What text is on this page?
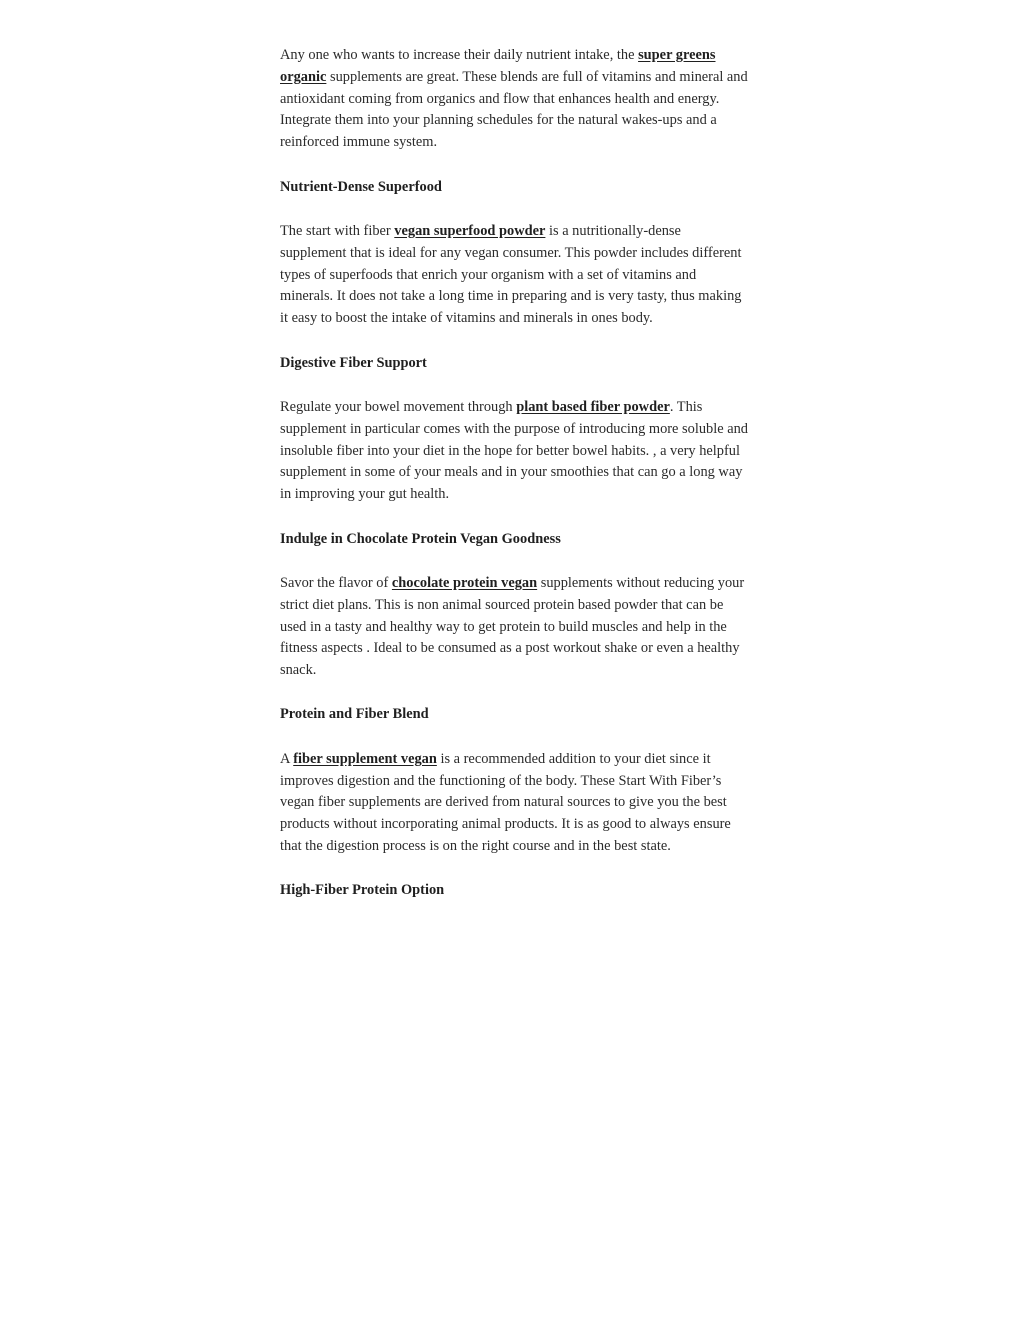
Any one who wants to increase their daily nutrient intake, the super greens organic supplements are great. These blends are full of vitamins and mineral and antioxidant coming from organics and flow that enhances health and energy. Integrate them into your planning schedules for the natural wakes-ups and a reinforced immune system.

Nutrient-Dense Superfood

The start with fiber vegan superfood powder is a nutritionally-dense supplement that is ideal for any vegan consumer. This powder includes different types of superfoods that enrich your organism with a set of vitamins and minerals. It does not take a long time in preparing and is very tasty, thus making it easy to boost the intake of vitamins and minerals in ones body.

Digestive Fiber Support

Regulate your bowel movement through plant based fiber powder. This supplement in particular comes with the purpose of introducing more soluble and insoluble fiber into your diet in the hope for better bowel habits. , a very helpful supplement in some of your meals and in your smoothies that can go a long way in improving your gut health.

Indulge in Chocolate Protein Vegan Goodness

Savor the flavor of chocolate protein vegan supplements without reducing your strict diet plans. This is non animal sourced protein based powder that can be used in a tasty and healthy way to get protein to build muscles and help in the fitness aspects . Ideal to be consumed as a post workout shake or even a healthy snack.

Protein and Fiber Blend

A fiber supplement vegan is a recommended addition to your diet since it improves digestion and the functioning of the body. These Start With Fiber’s vegan fiber supplements are derived from natural sources to give you the best products without incorporating animal products. It is as good to always ensure that the digestion process is on the right course and in the best state.

High-Fiber Protein Option
